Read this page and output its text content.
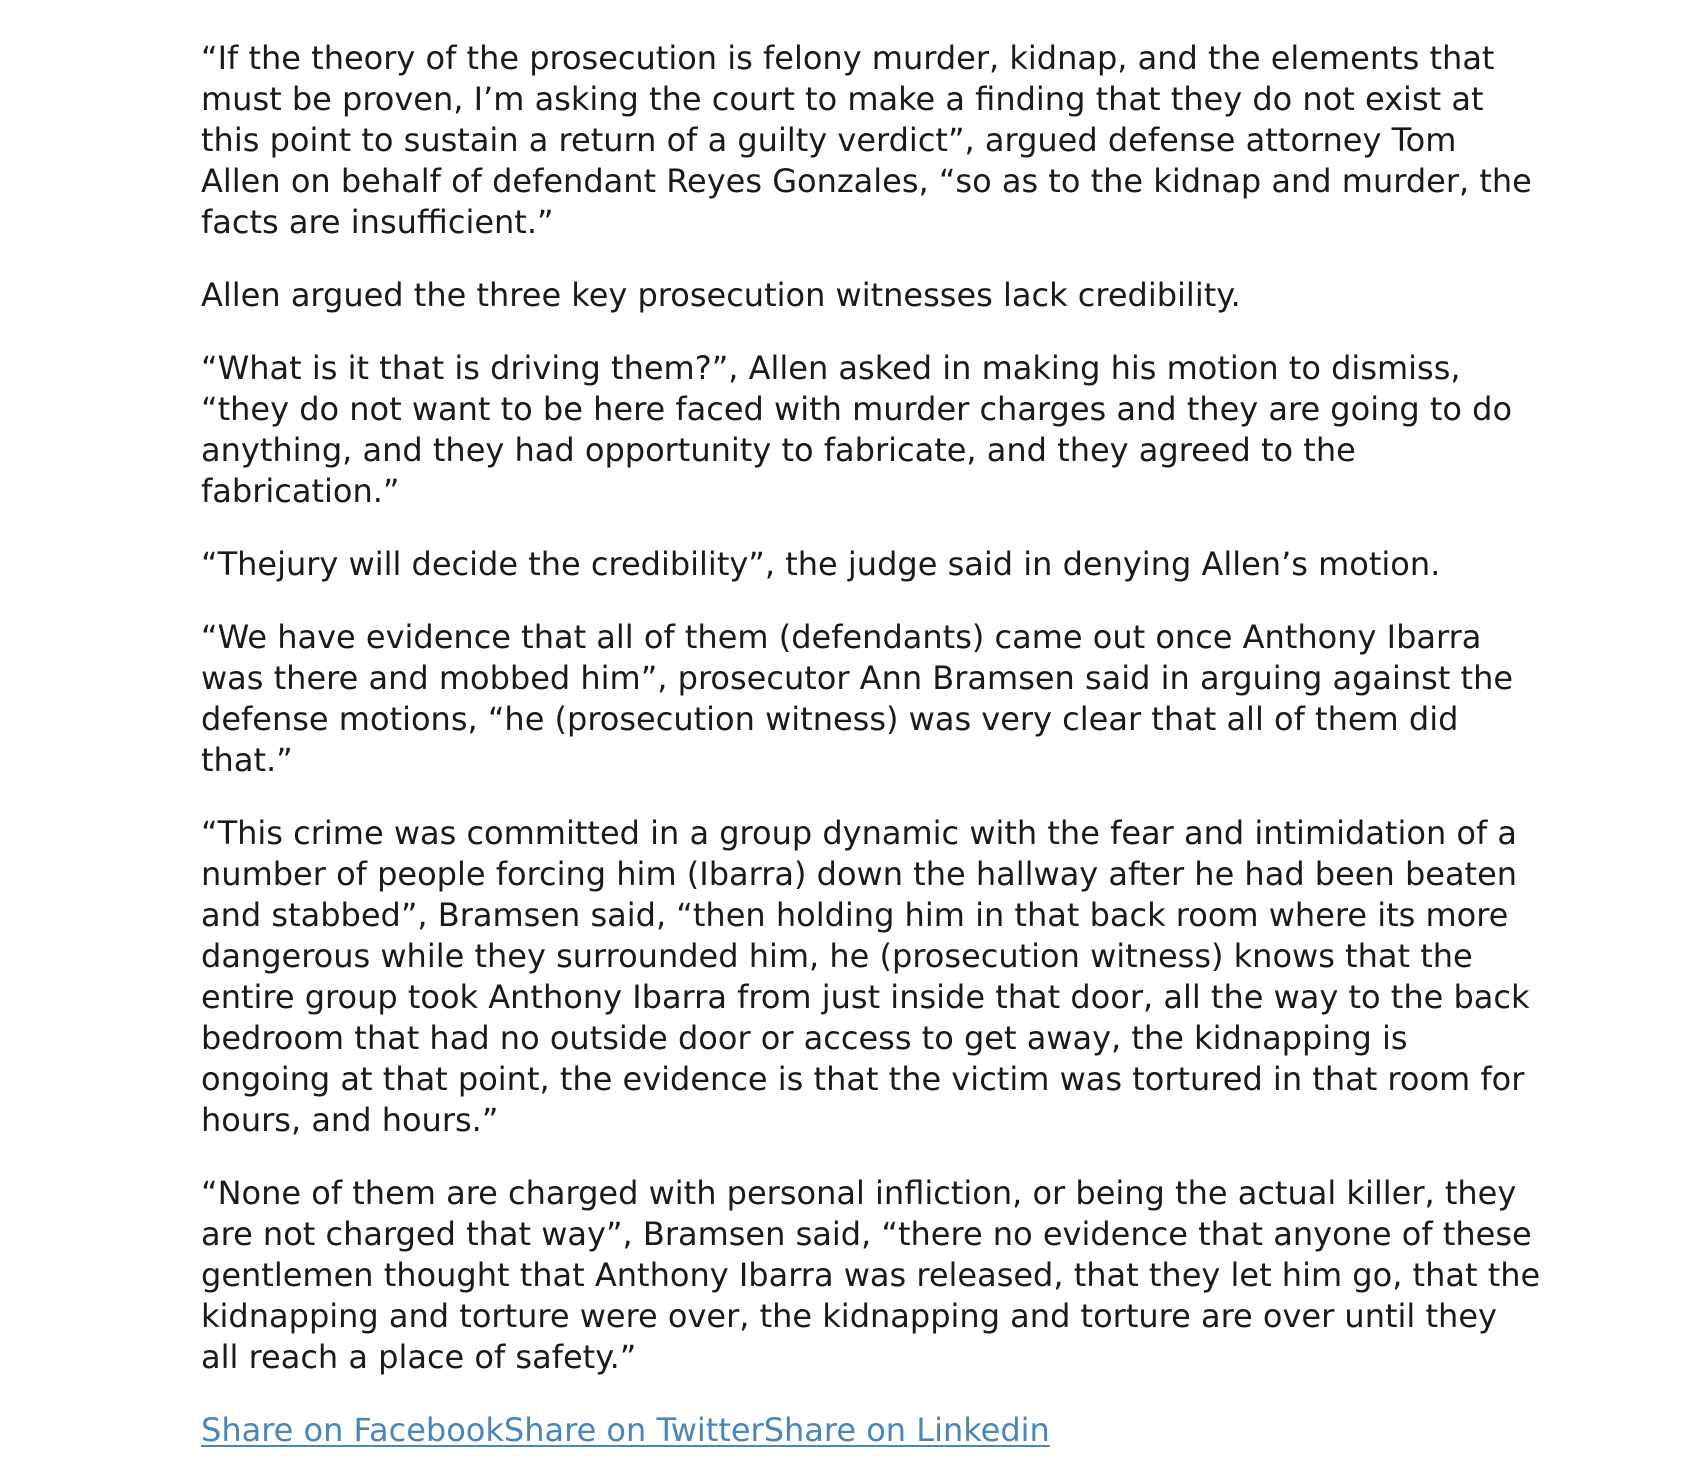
“If the theory of the prosecution is felony murder, kidnap, and the elements that must be proven, I’m asking the court to make a finding that they do not exist at this point to sustain a return of a guilty verdict”, argued defense attorney Tom Allen on behalf of defendant Reyes Gonzales, “so as to the kidnap and murder, the facts are insufficient.”

Allen argued the three key prosecution witnesses lack credibility.

“What is it that is driving them?”, Allen asked in making his motion to dismiss, “they do not want to be here faced with murder charges and they are going to do anything, and they had opportunity to fabricate, and they agreed to the fabrication.”

“Thejury will decide the credibility”, the judge said in denying Allen’s motion.

“We have evidence that all of them (defendants) came out once Anthony Ibarra was there and mobbed him”, prosecutor Ann Bramsen said in arguing against the defense motions, “he (prosecution witness) was very clear that all of them did that.”

“This crime was committed in a group dynamic with the fear and intimidation of a number of people forcing him (Ibarra) down the hallway after he had been beaten and stabbed”, Bramsen said, “then holding him in that back room where its more dangerous while they surrounded him, he (prosecution witness) knows that the entire group took Anthony Ibarra from just inside that door, all the way to the back bedroom that had no outside door or access to get away, the kidnapping is ongoing at that point, the evidence is that the victim was tortured in that room for hours, and hours.”

“None of them are charged with personal infliction, or being the actual killer, they are not charged that way”, Bramsen said, “there no evidence that anyone of these gentlemen thought that Anthony Ibarra was released, that they let him go, that the kidnapping and torture were over, the kidnapping and torture are over until they all reach a place of safety.”

Share on FacebookShare on TwitterShare on Linkedin
